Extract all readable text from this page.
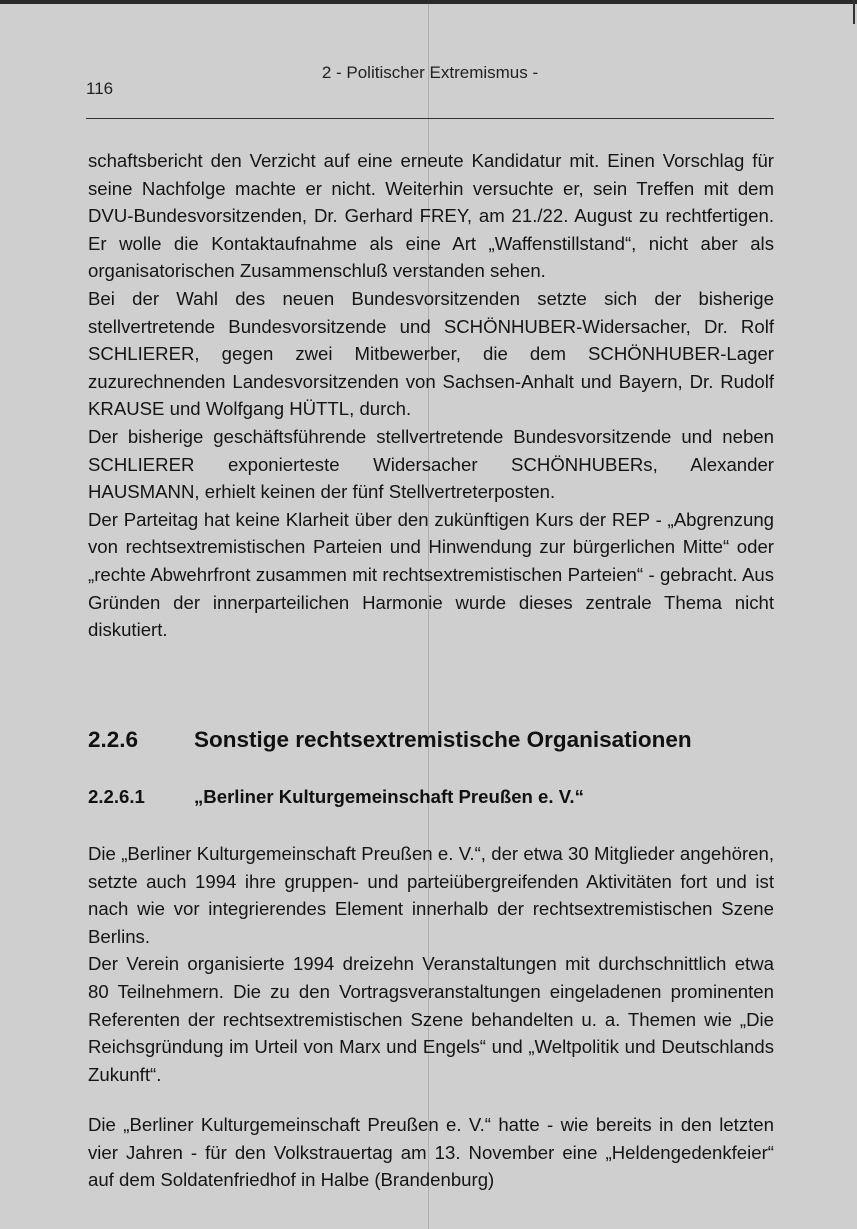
2 - Politischer Extremismus -
116

schaftsbericht den Verzicht auf eine erneute Kandidatur mit. Einen Vorschlag für seine Nachfolge machte er nicht. Weiterhin versuchte er, sein Treffen mit dem DVU-Bundesvorsitzenden, Dr. Gerhard FREY, am 21./22. August zu rechtfertigen. Er wolle die Kontaktaufnahme als eine Art „Waffenstillstand“, nicht aber als organisatorischen Zusammenschluß verstanden sehen.

Bei der Wahl des neuen Bundesvorsitzenden setzte sich der bisherige stellvertretende Bundesvorsitzende und SCHÖNHUBER-Widersacher, Dr. Rolf SCHLIERER, gegen zwei Mitbewerber, die dem SCHÖNHUBER-Lager zuzurechnenden Landesvorsitzenden von Sachsen-Anhalt und Bayern, Dr. Rudolf KRAUSE und Wolfgang HÜTTL, durch.

Der bisherige geschäftsführende stellvertretende Bundesvorsitzende und neben SCHLIERER exponierteste Widersacher SCHÖNHUBERs, Alexander HAUSMANN, erhielt keinen der fünf Stellvertreterposten.

Der Parteitag hat keine Klarheit über den zukünftigen Kurs der REP - „Abgrenzung von rechtsextremistischen Parteien und Hinwendung zur bürgerlichen Mitte“ oder „rechte Abwehrfront zusammen mit rechtsextremistischen Parteien“ - gebracht. Aus Gründen der innerparteilichen Harmonie wurde dieses zentrale Thema nicht diskutiert.

2.2.6 Sonstige rechtsextremistische Organisationen
2.2.6.1	„Berliner Kulturgemeinschaft Preußen e. V.“

Die „Berliner Kulturgemeinschaft Preußen e. V.“, der etwa 30 Mitglieder angehören, setzte auch 1994 ihre gruppen- und parteiübergreifenden Aktivitäten fort und ist nach wie vor integrierendes Element innerhalb der rechtsextremistischen Szene Berlins.

Der Verein organisierte 1994 dreizehn Veranstaltungen mit durchschnittlich etwa 80 Teilnehmern. Die zu den Vortragsveranstaltungen eingeladenen prominenten Referenten der rechtsextremistischen Szene behandelten u. a. Themen wie „Die Reichsgründung im Urteil von Marx und Engels“ und „Weltpolitik und Deutschlands Zukunft“.

Die „Berliner Kulturgemeinschaft Preußen e. V.“ hatte - wie bereits in den letzten vier Jahren - für den Volkstrauertag am 13. November eine „Heldengedenkfeier“ auf dem Soldatenfriedhof in Halbe (Brandenburg)
